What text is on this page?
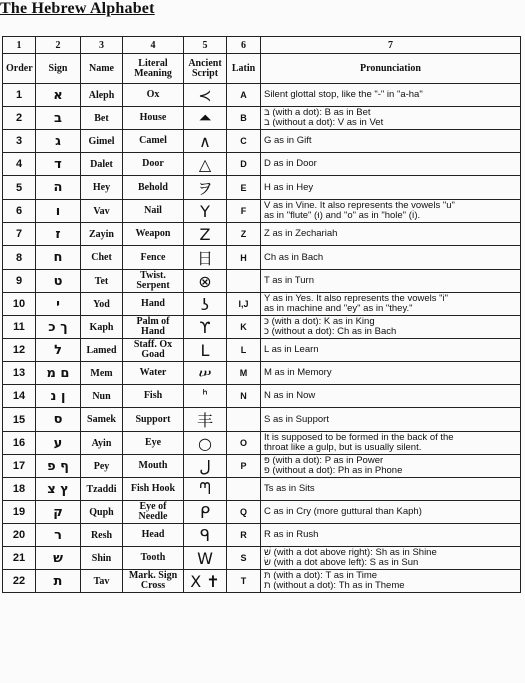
The Hebrew Alphabet
1	2	3	4	5	6	7
Order	Sign	Name	Literal Meaning	Ancient Script	Latin	Pronunciation
1	א	Aleph	Ox	≺	A	Silent glottal stop, like the "-" in "a-ha"
2	ב	Bet	House	⏶	B	בּ (with a dot): B as in Bet
ב (without a dot): V as in Vet
3	ג	Gimel	Camel	∧	C	G as in Gift
4	ד	Dalet	Door	△	D	D as in Door
5	ה	Hey	Behold	ヲ	E	H as in Hey
6	ו	Vav	Nail	Y	F	V as in Vine. It also represents the vowels "u"
as in "flute" (וּ) and "o" as in "hole" (וֹ).
7	ז	Zayin	Weapon	Z	Z	Z as in Zechariah
8	ח	Chet	Fence	日	H	Ch as in Bach
9	ט	Tet	Twist. Serpent	⊗		T as in Turn
10	י	Yod	Hand	ʖ	I,J	Y as in Yes. It also represents the vowels "i"
as in machine and "ey" as in "they."
11	ך כ	Kaph	Palm of Hand	ϒ	K	כּ (with a dot): K as in King
כ (without a dot): Ch as in Bach
12	ל	Lamed	Staff. Ox Goad	L	L	L as in Learn
13	ם מ	Mem	Water	ሠ	M	M as in Memory
14	ן נ	Nun	Fish	ᑋ	N	N as in Now
15	ס	Samek	Support	丰		S as in Support
16	ע	Ayin	Eye	○	O	It is supposed to be formed in the back of the
throat like a gulp, but is usually silent.
17	ף פ	Pey	Mouth	ﻝ	P	פּ (with a dot): P as in Power
פ (without a dot): Ph as in Phone
18	ץ צ	Tzaddi	Fish Hook	ᘉ		Ts as in Sits
19	ק	Quph	Eye of Needle	ᑭ	Q	C as in Cry (more guttural than Kaph)
20	ר	Resh	Head	ᑫ	R	R as in Rush
21	ש	Shin	Tooth	W	S	שׁ (with a dot above right): Sh as in Shine
שׂ (with a dot above left): S as in Sun
22	ת	Tav	Mark. Sign Cross	X ✝	T	תּ (with a dot): T as in Time
ת (without a dot): Th as in Theme
